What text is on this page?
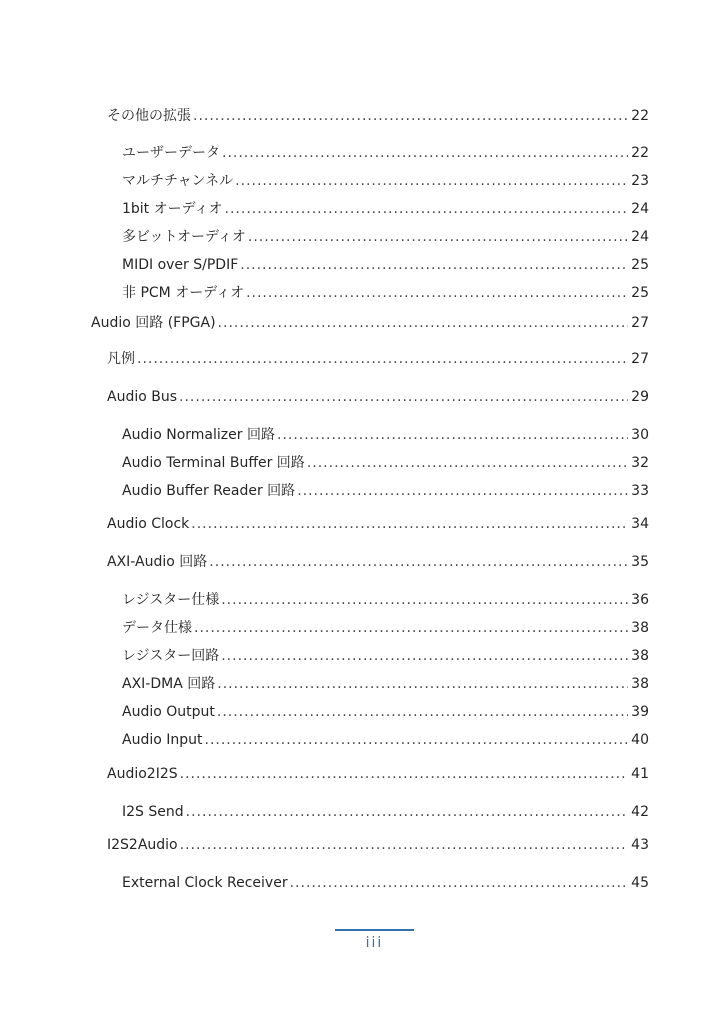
その他の拡張 .....	22
ユーザーデータ .....	22
マルチチャンネル .....	23
1bit オーディオ .....	24
多ビットオーディオ .....	24
MIDI over S/PDIF .....	25
非 PCM オーディオ .....	25
Audio 回路 (FPGA) .....	27
凡例 .....	27
Audio Bus .....	29
Audio Normalizer 回路 .....	30
Audio Terminal Buffer 回路 .....	32
Audio Buffer Reader 回路 .....	33
Audio Clock .....	34
AXI-Audio 回路 .....	35
レジスター仕様 .....	36
データ仕様 .....	38
レジスター回路 .....	38
AXI-DMA 回路 .....	38
Audio Output .....	39
Audio Input .....	40
Audio2I2S .....	41
I2S Send .....	42
I2S2Audio .....	43
External Clock Receiver .....	45
iii
